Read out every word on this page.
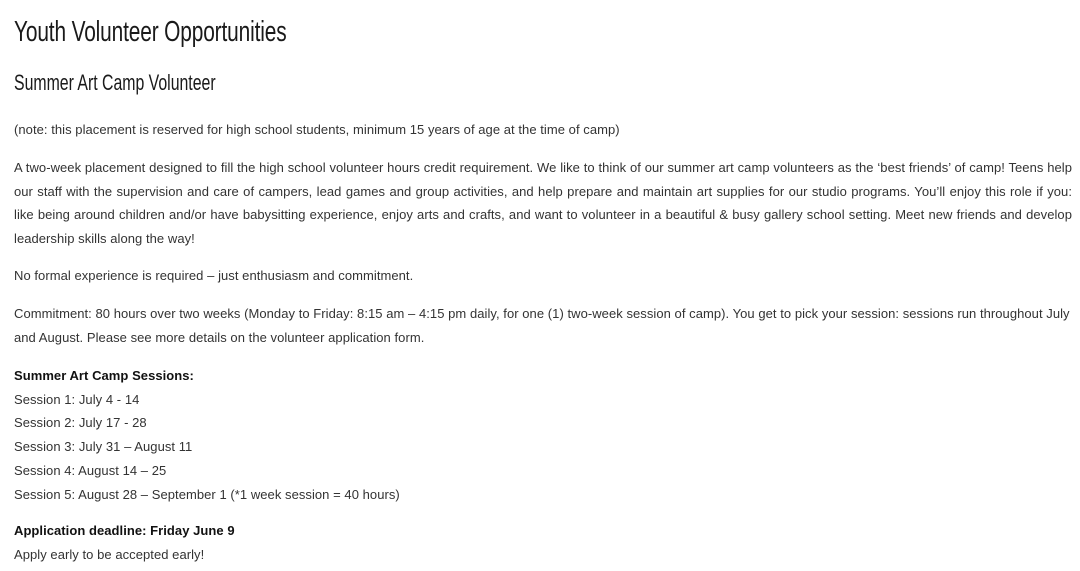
Youth Volunteer Opportunities
Summer Art Camp Volunteer

(note: this placement is reserved for high school students, minimum 15 years of age at the time of camp)

A two-week placement designed to fill the high school volunteer hours credit requirement. We like to think of our summer art camp volunteers as the ‘best friends’ of camp! Teens help our staff with the supervision and care of campers, lead games and group activities, and help prepare and maintain art supplies for our studio programs. You’ll enjoy this role if you: like being around children and/or have babysitting experience, enjoy arts and crafts, and want to volunteer in a beautiful & busy gallery school setting. Meet new friends and develop leadership skills along the way!

No formal experience is required – just enthusiasm and commitment.

Commitment: 80 hours over two weeks (Monday to Friday: 8:15 am – 4:15 pm daily, for one (1) two-week session of camp). You get to pick your session: sessions run throughout July and August. Please see more details on the volunteer application form.

Summer Art Camp Sessions:
Session 1: July 4 - 14
Session 2: July 17 - 28
Session 3: July 31 – August 11
Session 4: August 14 – 25
Session 5: August 28 – September 1 (*1 week session = 40 hours)
Application deadline: Friday June 9
Apply early to be accepted early!
